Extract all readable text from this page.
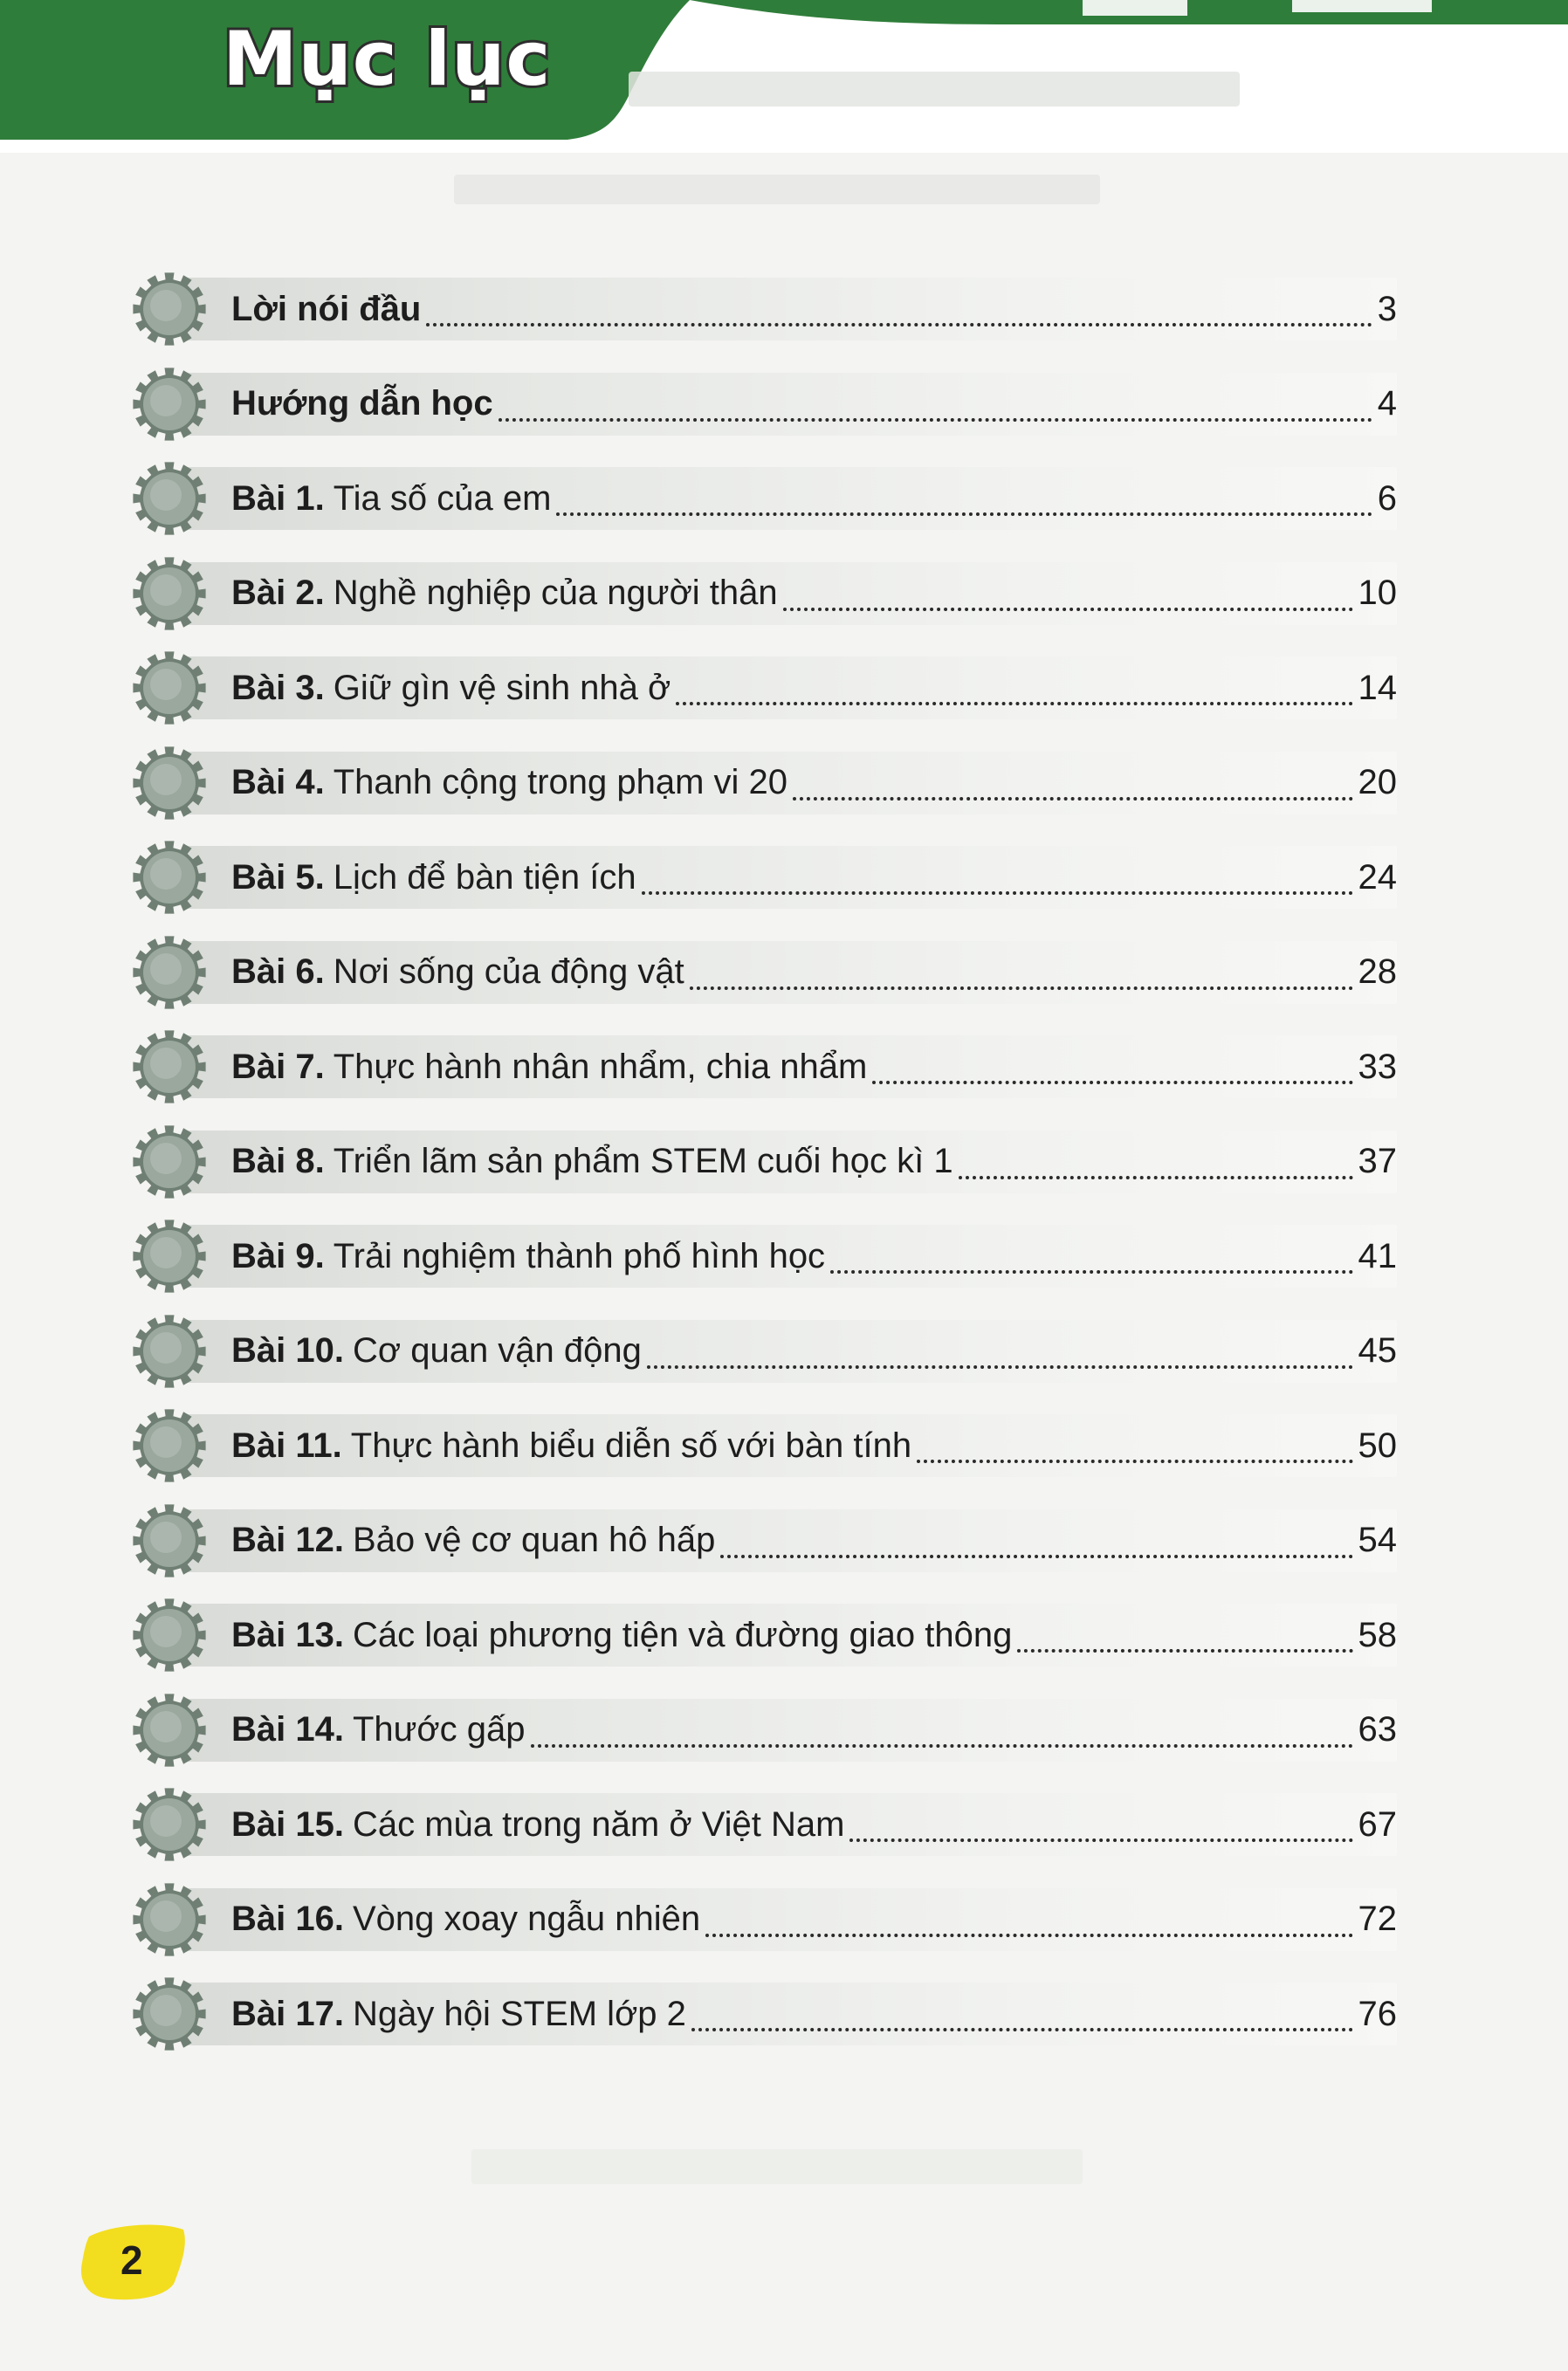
Mục lục
Lời nói đầu	3
Hướng dẫn học	4
Bài 1. Tia số của em	6
Bài 2. Nghề nghiệp của người thân	10
Bài 3. Giữ gìn vệ sinh nhà ở	14
Bài 4. Thanh cộng trong phạm vi 20	20
Bài 5. Lịch để bàn tiện ích	24
Bài 6. Nơi sống của động vật	28
Bài 7. Thực hành nhân nhẩm, chia nhẩm	33
Bài 8. Triển lãm sản phẩm STEM cuối học kì 1	37
Bài 9. Trải nghiệm thành phố hình học	41
Bài 10. Cơ quan vận động	45
Bài 11. Thực hành biểu diễn số với bàn tính	50
Bài 12. Bảo vệ cơ quan hô hấp	54
Bài 13. Các loại phương tiện và đường giao thông	58
Bài 14. Thước gấp	63
Bài 15. Các mùa trong năm ở Việt Nam	67
Bài 16. Vòng xoay ngẫu nhiên	72
Bài 17. Ngày hội STEM lớp 2	76
2
